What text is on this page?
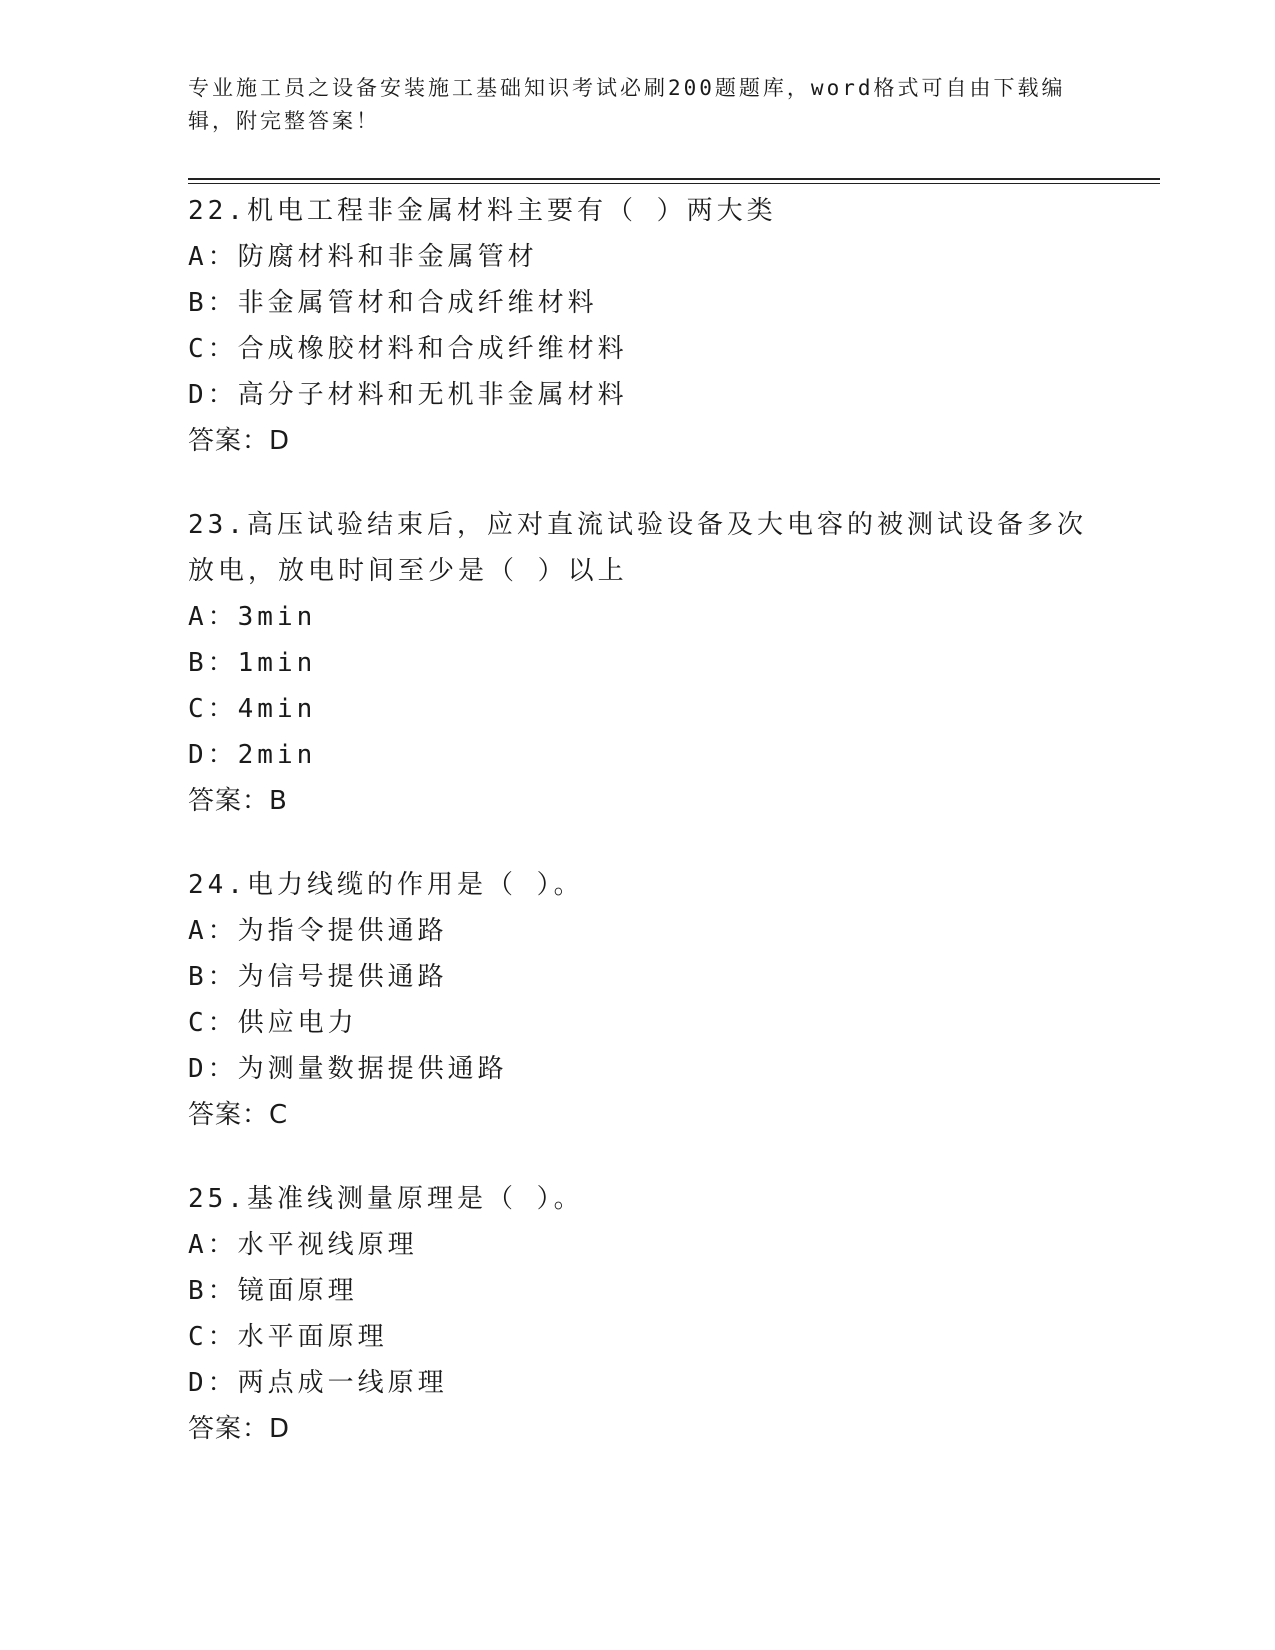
专业施工员之设备安装施工基础知识考试必刷200题题库，word格式可自由下载编辑，附完整答案！
22.机电工程非金属材料主要有（ ）两大类
A：防腐材料和非金属管材
B：非金属管材和合成纤维材料
C：合成橡胶材料和合成纤维材料
D：高分子材料和无机非金属材料
答案：D
23.高压试验结束后，应对直流试验设备及大电容的被测试设备多次放电，放电时间至少是（ ）以上
A：3min
B：1min
C：4min
D：2min
答案：B
24.电力线缆的作用是（ ）。
A：为指令提供通路
B：为信号提供通路
C：供应电力
D：为测量数据提供通路
答案：C
25.基准线测量原理是（ ）。
A：水平视线原理
B：镜面原理
C：水平面原理
D：两点成一线原理
答案：D
